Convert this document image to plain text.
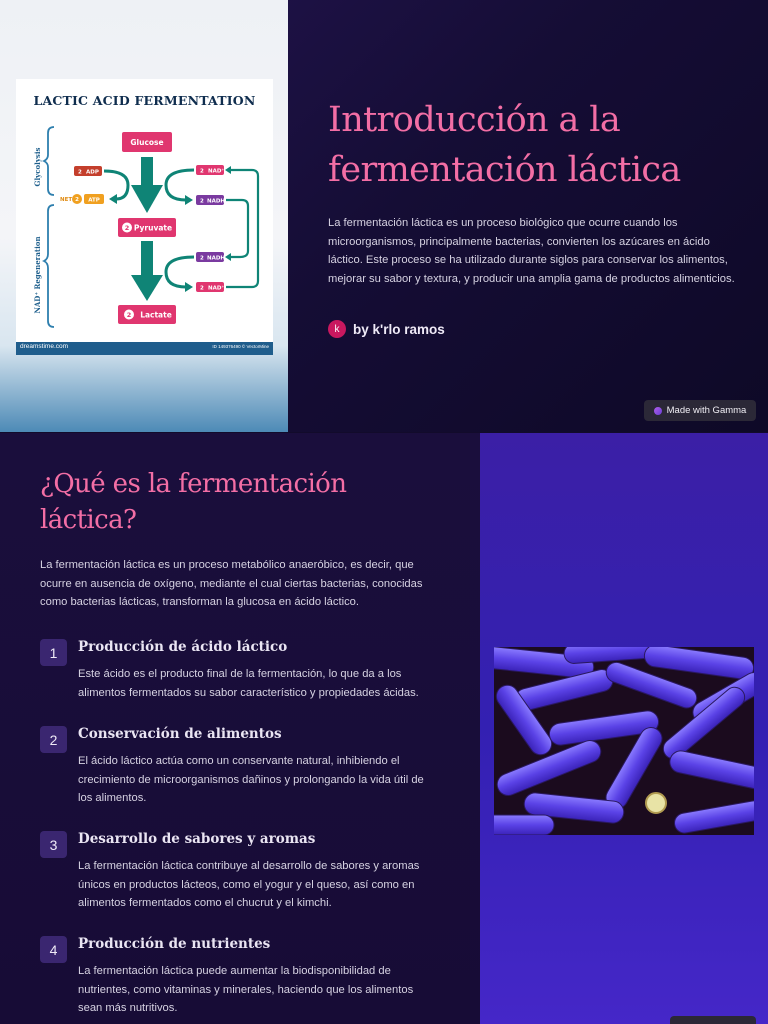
LACTIC ACID FERMENTATION
Glycolysis
NAD⁺ Regeneration
Glucose
2 Pyruvate
2 Lactate
2 ADP
NET 2 ATP
2 NAD⁺
2 NADH
2 NADH
2 NAD⁺
dreamstime.com	ID 149376490 © VectorMine
Introducción a la fermentación láctica

La fermentación láctica es un proceso biológico que ocurre cuando los microorganismos, principalmente bacterias, convierten los azúcares en ácido láctico. Este proceso se ha utilizado durante siglos para conservar los alimentos, mejorar su sabor y textura, y producir una amplia gama de productos alimenticios.

k	by k'rlo ramos
Made with Gamma
¿Qué es la fermentación láctica?

La fermentación láctica es un proceso metabólico anaeróbico, es decir, que ocurre en ausencia de oxígeno, mediante el cual ciertas bacterias, conocidas como bacterias lácticas, transforman la glucosa en ácido láctico.

1	Producción de ácido láctico

Este ácido es el producto final de la fermentación, lo que da a los alimentos fermentados su sabor característico y propiedades ácidas.

2	Conservación de alimentos

El ácido láctico actúa como un conservante natural, inhibiendo el crecimiento de microorganismos dañinos y prolongando la vida útil de los alimentos.

3	Desarrollo de sabores y aromas

La fermentación láctica contribuye al desarrollo de sabores y aromas únicos en productos lácteos, como el yogur y el queso, así como en alimentos fermentados como el chucrut y el kimchi.

4	Producción de nutrientes

La fermentación láctica puede aumentar la biodisponibilidad de nutrientes, como vitaminas y minerales, haciendo que los alimentos sean más nutritivos.
